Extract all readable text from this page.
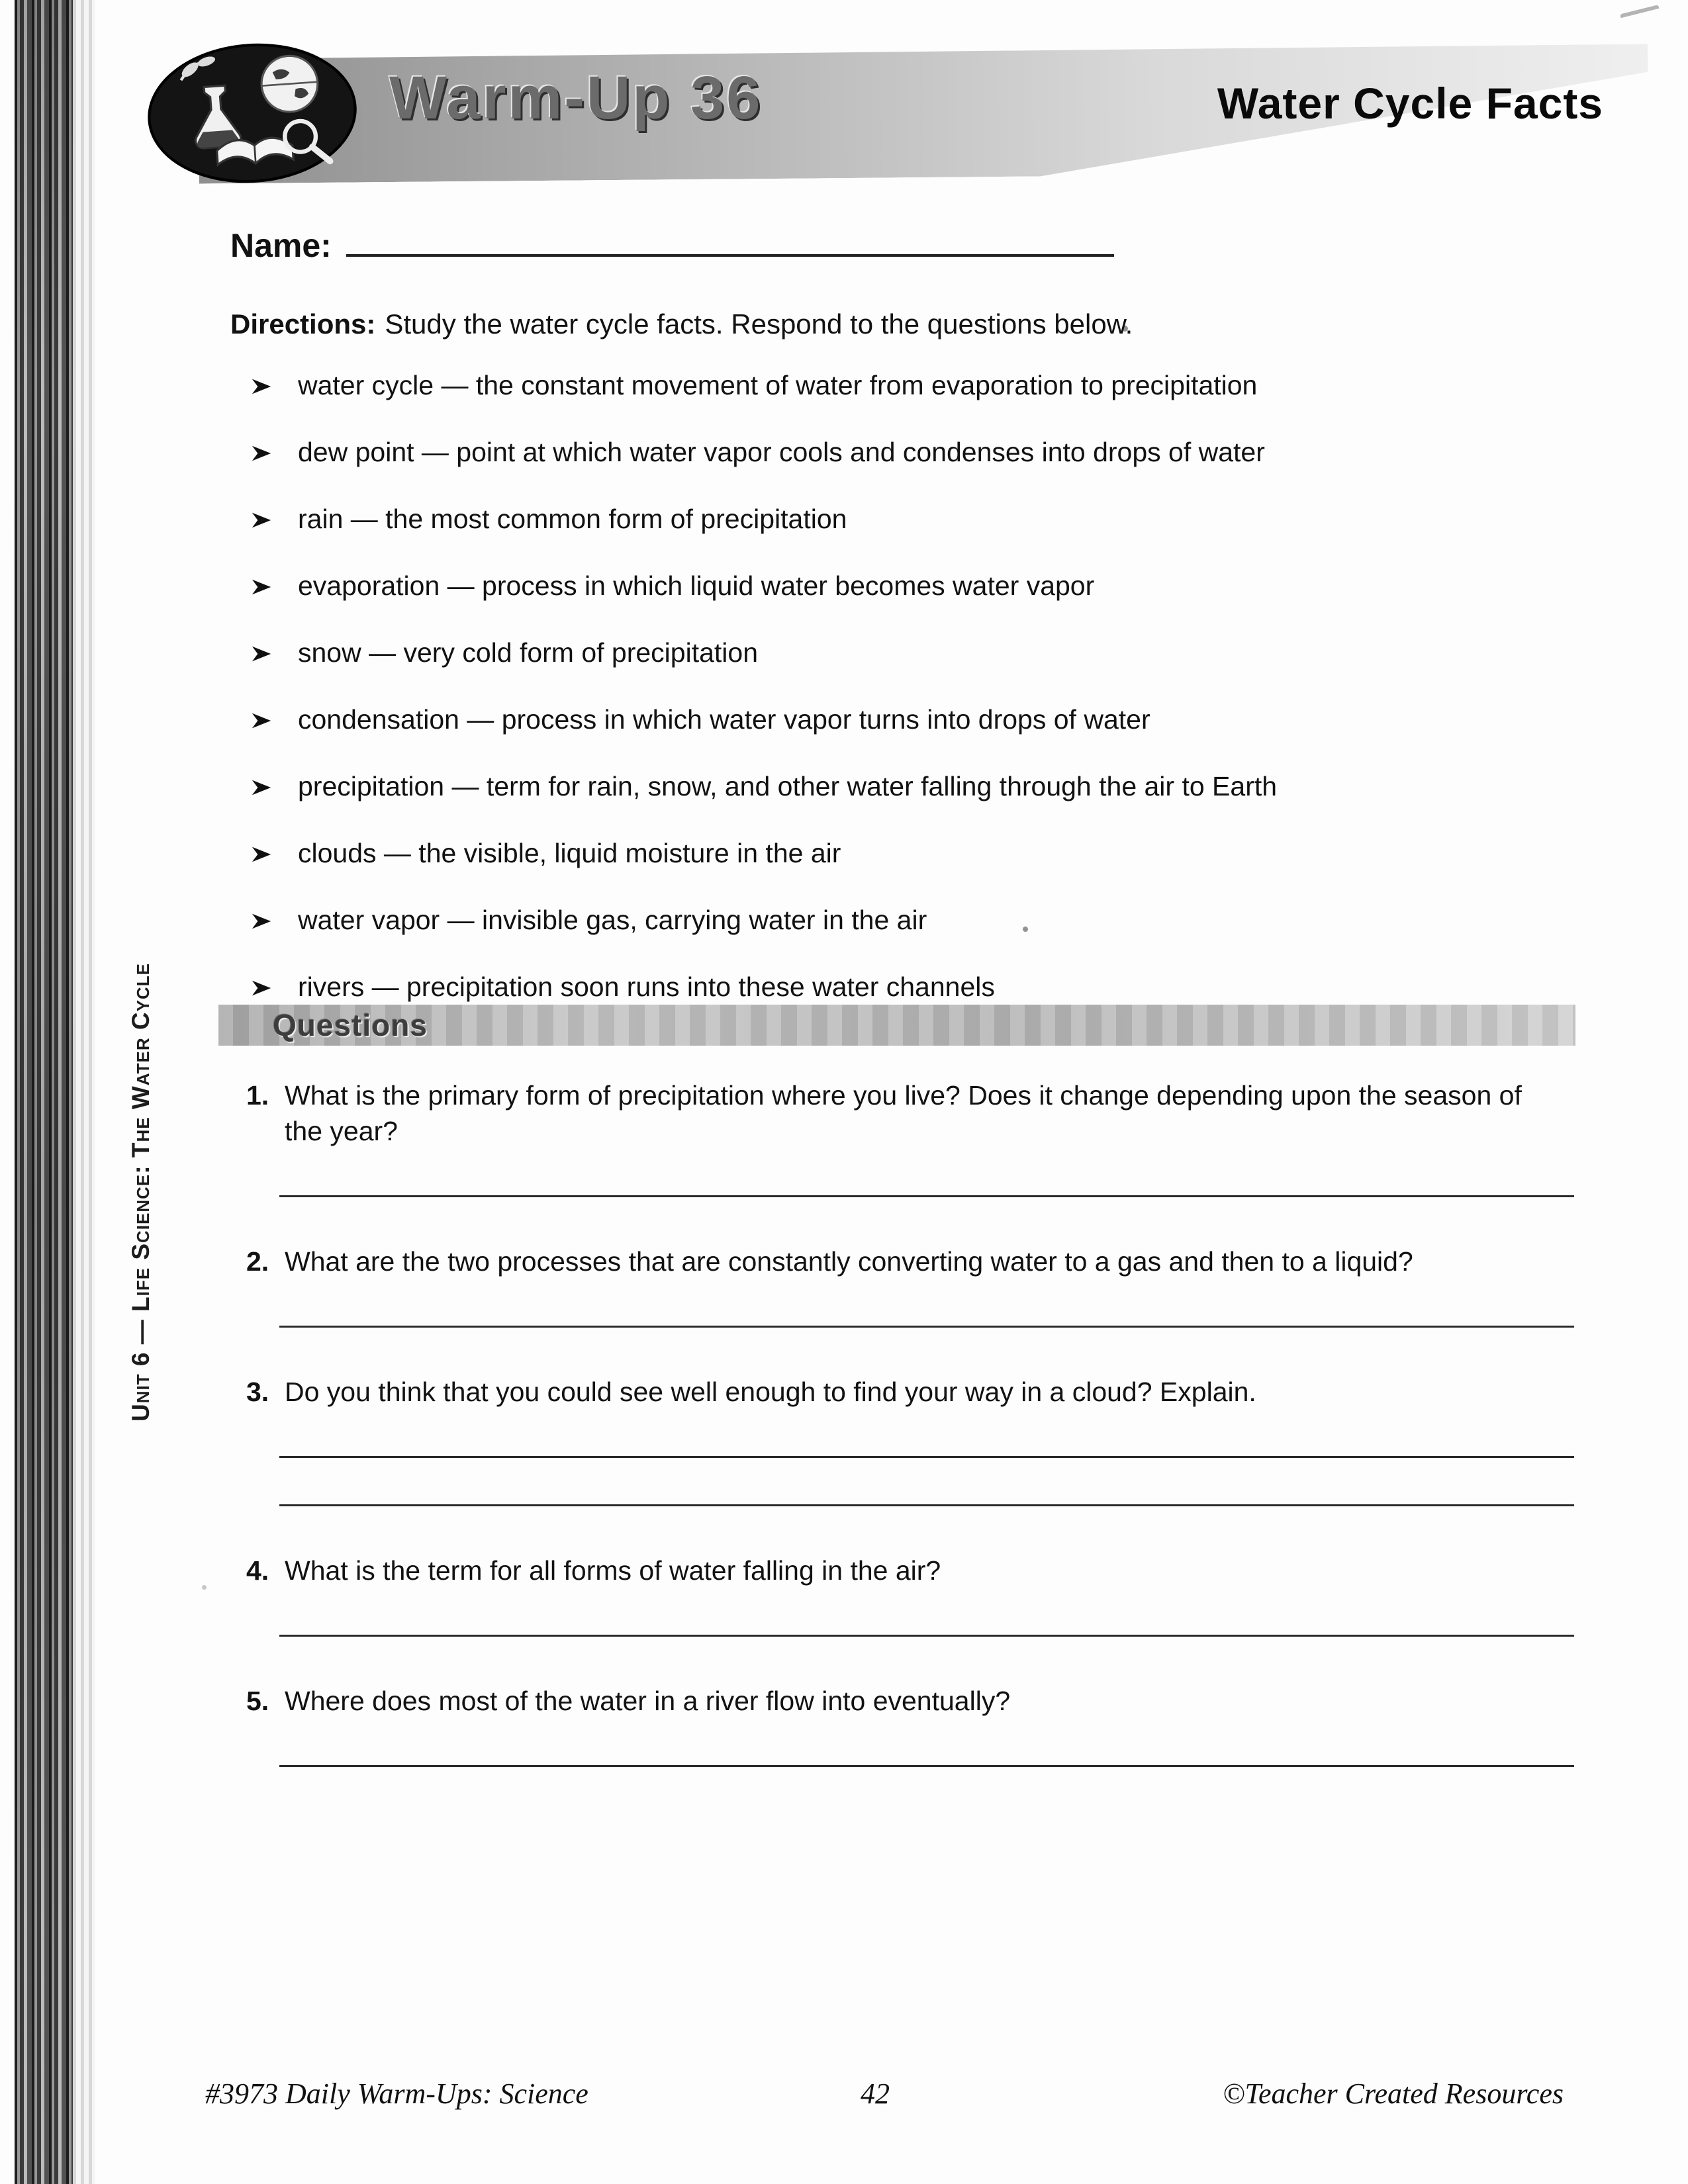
Warm-Up 36	Water Cycle Facts
Name:
Directions: Study the water cycle facts. Respond to the questions below.
water cycle — the constant movement of water from evaporation to precipitation
dew point — point at which water vapor cools and condenses into drops of water
rain — the most common form of precipitation
evaporation — process in which liquid water becomes water vapor
snow — very cold form of precipitation
condensation — process in which water vapor turns into drops of water
precipitation — term for rain, snow, and other water falling through the air to Earth
clouds — the visible, liquid moisture in the air
water vapor — invisible gas, carrying water in the air
rivers — precipitation soon runs into these water channels
Questions
1. What is the primary form of precipitation where you live? Does it change depending upon the season of the year?
2. What are the two processes that are constantly converting water to a gas and then to a liquid?
3. Do you think that you could see well enough to find your way in a cloud? Explain.
4. What is the term for all forms of water falling in the air?
5. Where does most of the water in a river flow into eventually?
Unit 6 — Life Science: The Water Cycle
#3973 Daily Warm-Ups: Science	42	©Teacher Created Resources
